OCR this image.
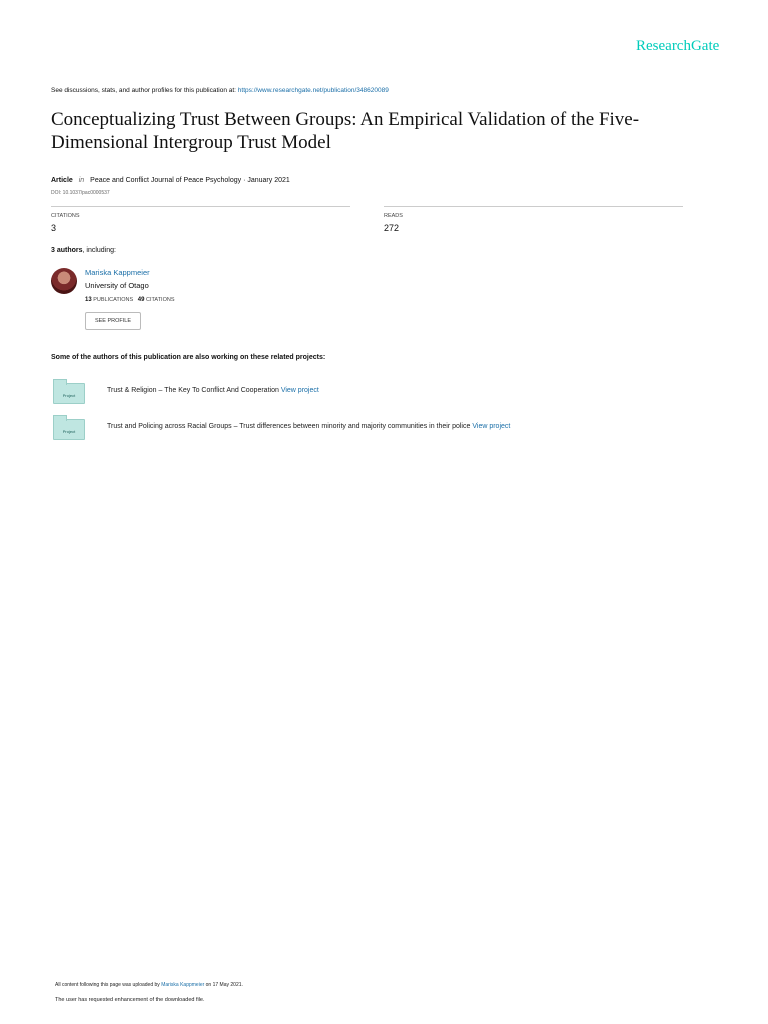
ResearchGate
See discussions, stats, and author profiles for this publication at: https://www.researchgate.net/publication/348620089
Conceptualizing Trust Between Groups: An Empirical Validation of the Five-Dimensional Intergroup Trust Model
Article in Peace and Conflict Journal of Peace Psychology · January 2021
DOI: 10.1037/pac0000537
CITATIONS
3
READS
272
3 authors, including:
Mariska Kappmeier
University of Otago
13 PUBLICATIONS 49 CITATIONS
SEE PROFILE
Some of the authors of this publication are also working on these related projects:
Project
Trust & Religion – The Key To Conflict And Cooperation View project
Project
Trust and Policing across Racial Groups – Trust differences between minority and majority communities in their police View project
All content following this page was uploaded by Mariska Kappmeier on 17 May 2021.
The user has requested enhancement of the downloaded file.
